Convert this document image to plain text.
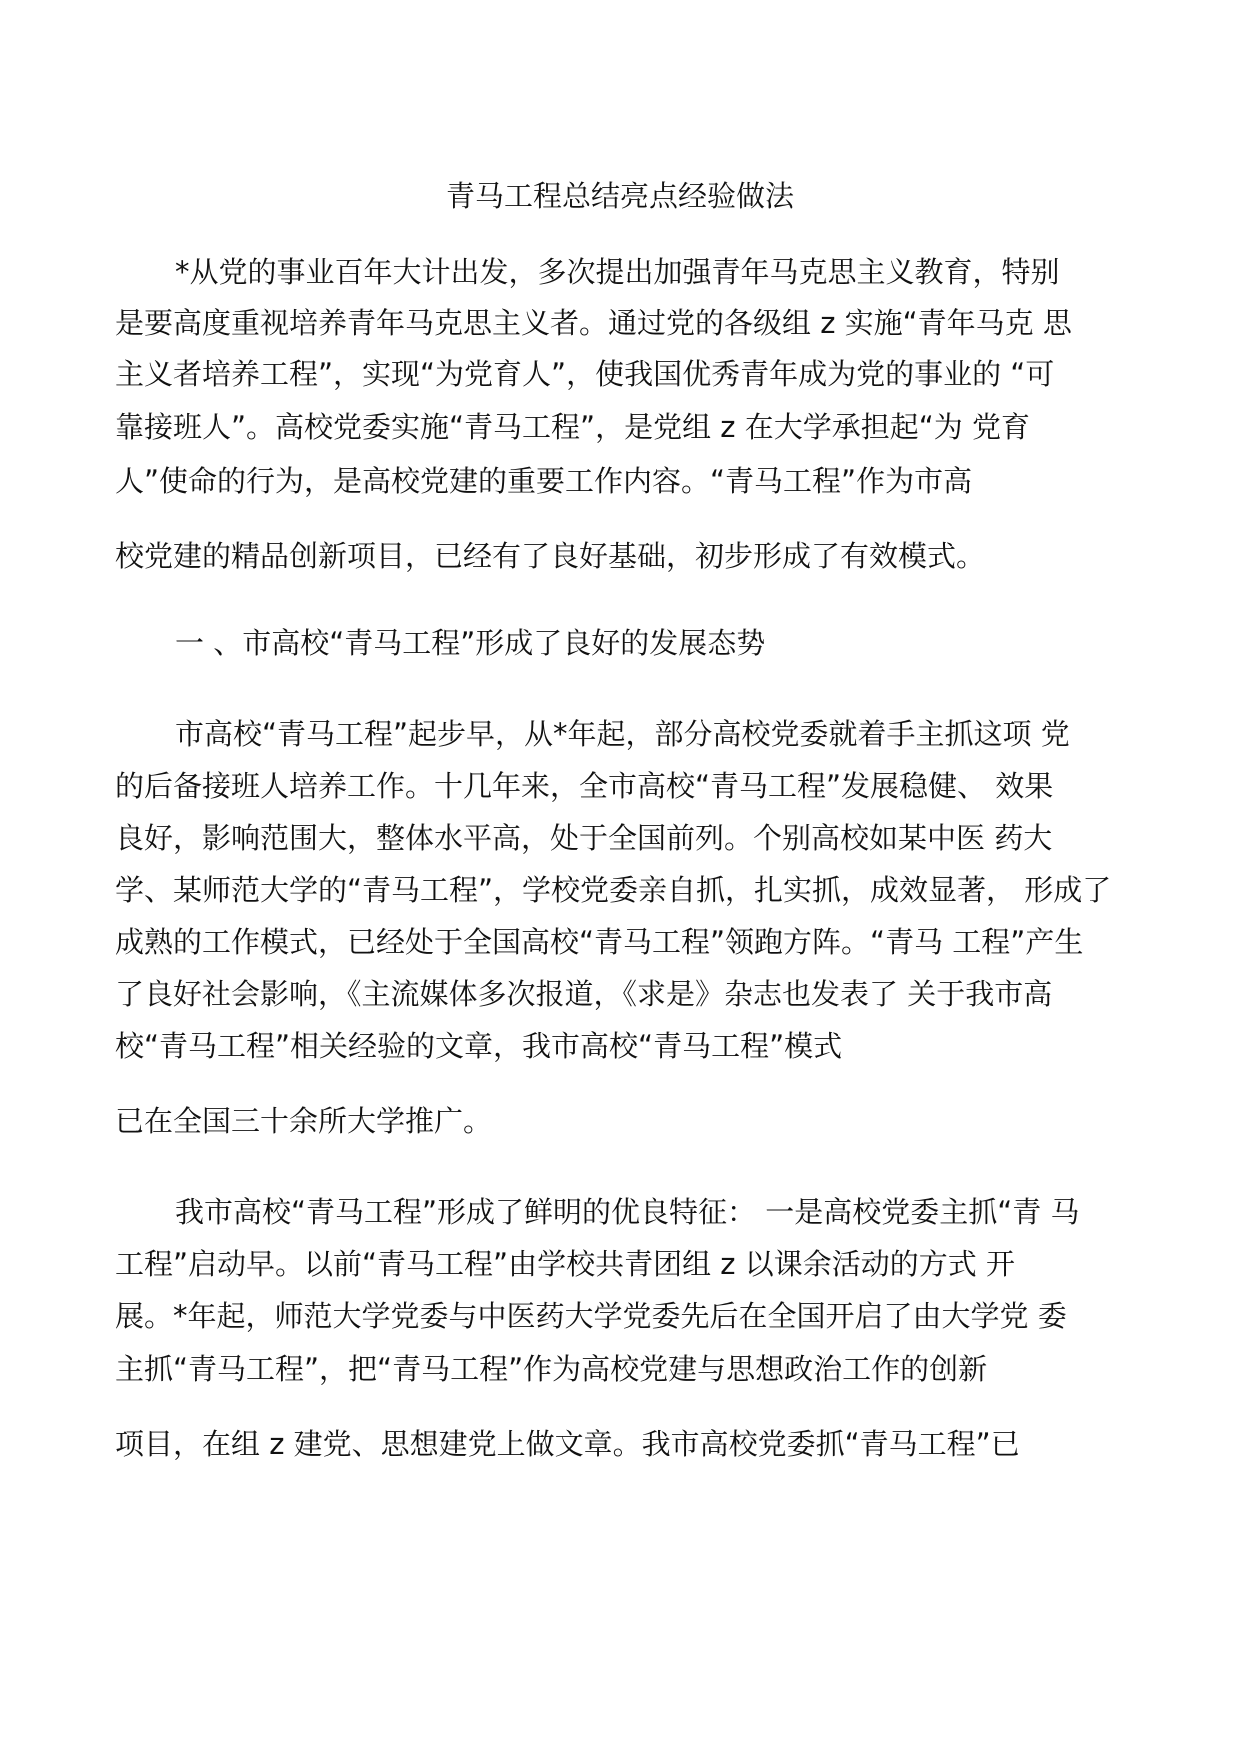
青马工程总结亮点经验做法
*从党的事业百年大计出发，多次提出加强青年马克思主义教育，特别
是要高度重视培养青年马克思主义者。通过党的各级组 z 实施“青年马克 思
主义者培养工程”，实现“为党育人”，使我国优秀青年成为党的事业的 “可
靠接班人”。高校党委实施“青马工程”，是党组 z 在大学承担起“为 党育
人”使命的行为，是高校党建的重要工作内容。“青马工程”作为市高
校党建的精品创新项目，已经有了良好基础，初步形成了有效模式。
一 、市高校“青马工程”形成了良好的发展态势
市高校“青马工程”起步早，从*年起，部分高校党委就着手主抓这项 党
的后备接班人培养工作。十几年来，全市高校“青马工程”发展稳健、 效果
良好，影响范围大，整体水平高，处于全国前列。个别高校如某中医 药大
学、某师范大学的“青马工程”，学校党委亲自抓，扎实抓，成效显著， 形成了
成熟的工作模式，已经处于全国高校“青马工程”领跑方阵。“青马 工程”产生
了良好社会影响，《主流媒体多次报道，《求是》杂志也发表了 关于我市高
校“青马工程”相关经验的文章，我市高校“青马工程”模式
已在全国三十余所大学推广。
我市高校“青马工程”形成了鲜明的优良特征： 一是高校党委主抓“青 马
工程”启动早。以前“青马工程”由学校共青团组 z 以课余活动的方式 开
展。*年起，师范大学党委与中医药大学党委先后在全国开启了由大学党 委
主抓“青马工程”，把“青马工程”作为高校党建与思想政治工作的创新
项目，在组 z 建党、思想建党上做文章。我市高校党委抓“青马工程”已
